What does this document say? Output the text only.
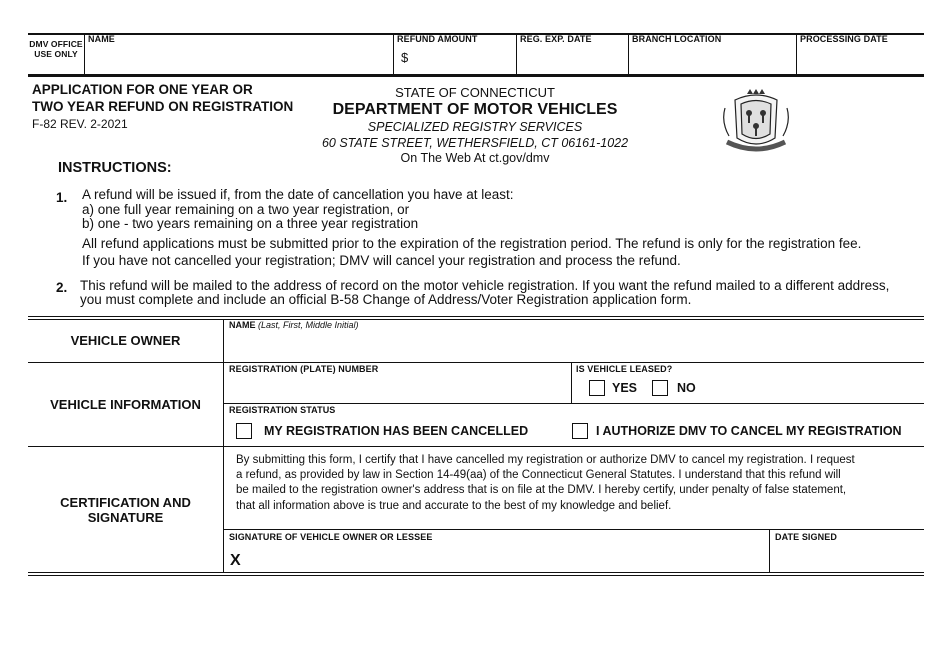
DMV OFFICE USE ONLY
NAME	REFUND AMOUNT
$
REG. EXP. DATE	BRANCH LOCATION	PROCESSING DATE
APPLICATION FOR ONE YEAR OR
TWO YEAR REFUND ON REGISTRATION
F-82 REV. 2-2021
STATE OF CONNECTICUT
DEPARTMENT OF MOTOR VEHICLES
SPECIALIZED REGISTRY SERVICES
60 STATE STREET, WETHERSFIELD, CT 06161-1022
On The Web At ct.gov/dmv
INSTRUCTIONS:
1. A refund will be issued if, from the date of cancellation you have at least:
a) one full year remaining on a two year registration, or
b) one - two years remaining on a three year registration
All refund applications must be submitted prior to the expiration of the registration period. The refund is only for the registration fee.
If you have not cancelled your registration; DMV will cancel your registration and process the refund.
2. This refund will be mailed to the address of record on the motor vehicle registration. If you want the refund mailed to a different address,
you must complete and include an official B-58 Change of Address/Voter Registration application form.
VEHICLE OWNER
NAME (Last, First, Middle Initial)
VEHICLE INFORMATION
REGISTRATION (PLATE) NUMBER	IS VEHICLE LEASED?
YES	NO
REGISTRATION STATUS
MY REGISTRATION HAS BEEN CANCELLED	I AUTHORIZE DMV TO CANCEL MY REGISTRATION
CERTIFICATION AND
SIGNATURE
By submitting this form, I certify that I have cancelled my registration or authorize DMV to cancel my registration. I request
a refund, as provided by law in Section 14-49(aa) of the Connecticut General Statutes. I understand that this refund will
be mailed to the registration owner's address that is on file at the DMV. I hereby certify, under penalty of false statement,
that all information above is true and accurate to the best of my knowledge and belief.
SIGNATURE OF VEHICLE OWNER OR LESSEE
X
DATE SIGNED
